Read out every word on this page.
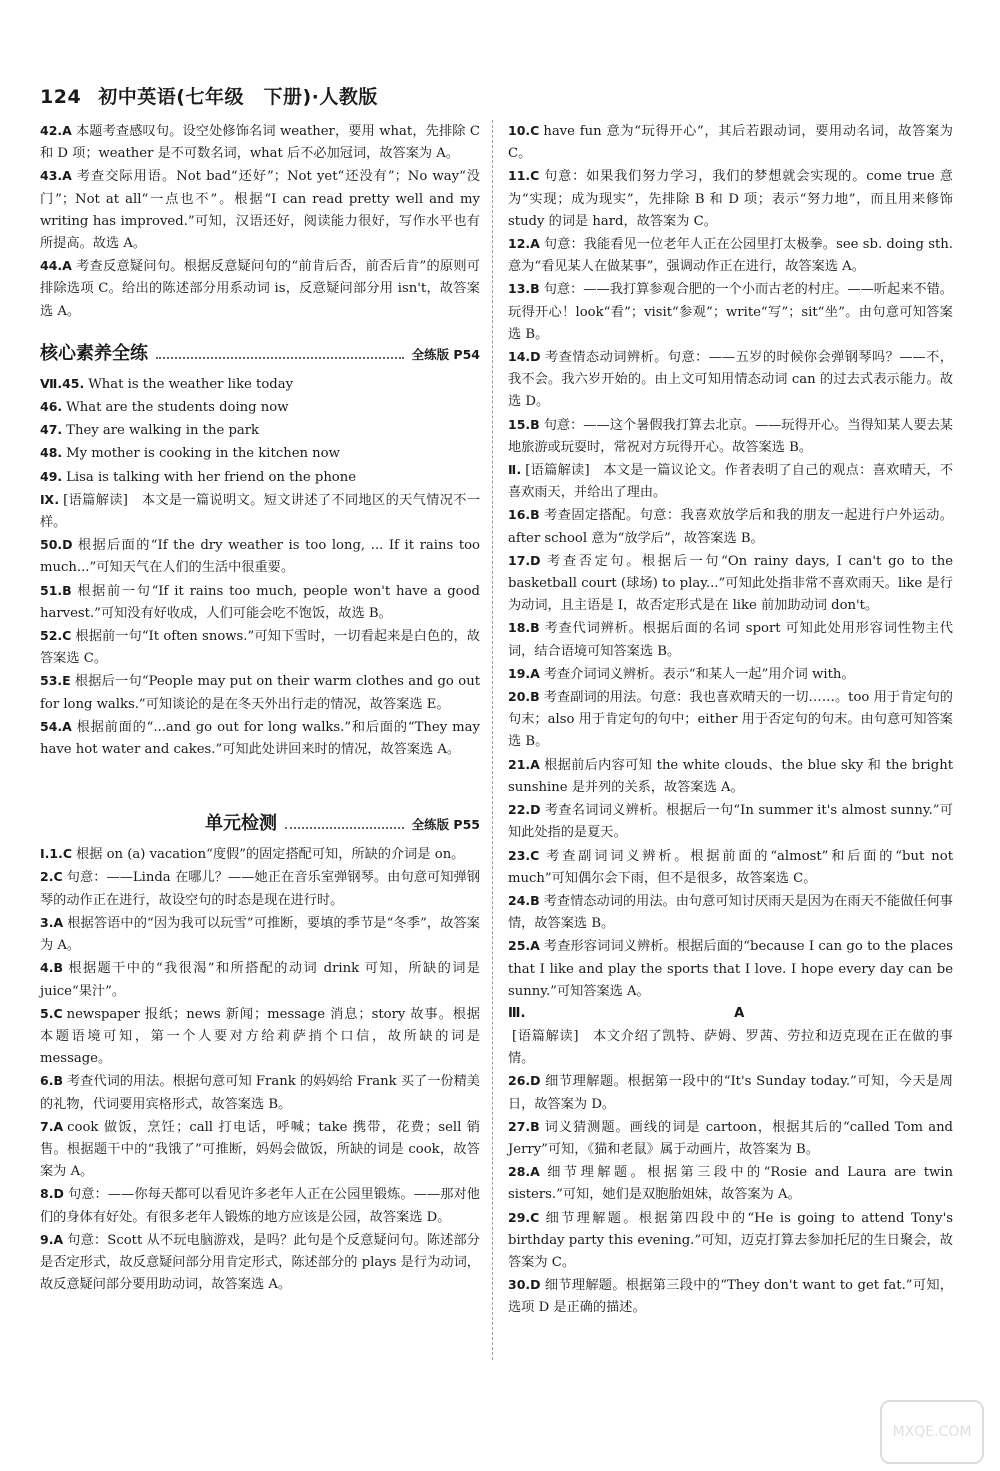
124 初中英语(七年级　下册)·人教版

42.A 本题考查感叹句。设空处修饰名词 weather，要用 what，先排除 C 和 D 项；weather 是不可数名词，what 后不必加冠词，故答案为 A。

43.A 考查交际用语。Not bad“还好”；Not yet“还没有”；No way“没门”；Not at all“一点也不”。根据“I can read pretty well and my writing has improved.”可知，汉语还好，阅读能力很好，写作水平也有所提高。故选 A。

44.A 考查反意疑问句。根据反意疑问句的“前肯后否，前否后肯”的原则可排除选项 C。给出的陈述部分用系动词 is，反意疑问部分用 isn't，故答案选 A。

核心素养全练	全练版 P54

Ⅶ.45. What is the weather like today

46. What are the students doing now

47. They are walking in the park

48. My mother is cooking in the kitchen now

49. Lisa is talking with her friend on the phone

Ⅸ. [语篇解读]　本文是一篇说明文。短文讲述了不同地区的天气情况不一样。

50.D 根据后面的“If the dry weather is too long, ... If it rains too much...”可知天气在人们的生活中很重要。

51.B 根据前一句“If it rains too much, people won't have a good harvest.”可知没有好收成，人们可能会吃不饱饭，故选 B。

52.C 根据前一句“It often snows.”可知下雪时，一切看起来是白色的，故答案选 C。

53.E 根据后一句“People may put on their warm clothes and go out for long walks.”可知谈论的是在冬天外出行走的情况，故答案选 E。

54.A 根据前面的“...and go out for long walks.”和后面的“They may have hot water and cakes.”可知此处讲回来时的情况，故答案选 A。

单元检测	全练版 P55

Ⅰ.1.C 根据 on (a) vacation“度假”的固定搭配可知，所缺的介词是 on。

2.C 句意：——Linda 在哪儿？——她正在音乐室弹钢琴。由句意可知弹钢琴的动作正在进行，故设空句的时态是现在进行时。

3.A 根据答语中的“因为我可以玩雪”可推断，要填的季节是“冬季”，故答案为 A。

4.B 根据题干中的“我很渴”和所搭配的动词 drink 可知，所缺的词是 juice“果汁”。

5.C newspaper 报纸；news 新闻；message 消息；story 故事。根据本题语境可知，第一个人要对方给莉萨捎个口信，故所缺的词是 message。

6.B 考查代词的用法。根据句意可知 Frank 的妈妈给 Frank 买了一份精美的礼物，代词要用宾格形式，故答案选 B。

7.A cook 做饭，烹饪；call 打电话，呼喊；take 携带，花费；sell 销售。根据题干中的“我饿了”可推断，妈妈会做饭，所缺的词是 cook，故答案为 A。

8.D 句意：——你每天都可以看见许多老年人正在公园里锻炼。——那对他们的身体有好处。有很多老年人锻炼的地方应该是公园，故答案选 D。

9.A 句意：Scott 从不玩电脑游戏，是吗？此句是个反意疑问句。陈述部分是否定形式，故反意疑问部分用肯定形式，陈述部分的 plays 是行为动词，故反意疑问部分要用助动词，故答案选 A。

10.C have fun 意为“玩得开心”，其后若跟动词，要用动名词，故答案为 C。

11.C 句意：如果我们努力学习，我们的梦想就会实现的。come true 意为“实现；成为现实”，先排除 B 和 D 项；表示“努力地”，而且用来修饰 study 的词是 hard，故答案为 C。

12.A 句意：我能看见一位老年人正在公园里打太极拳。see sb. doing sth. 意为“看见某人在做某事”，强调动作正在进行，故答案选 A。

13.B 句意：——我打算参观合肥的一个小而古老的村庄。——听起来不错。玩得开心！look“看”；visit“参观”；write“写”；sit“坐”。由句意可知答案选 B。

14.D 考查情态动词辨析。句意：——五岁的时候你会弹钢琴吗？——不，我不会。我六岁开始的。由上文可知用情态动词 can 的过去式表示能力。故选 D。

15.B 句意：——这个暑假我打算去北京。——玩得开心。当得知某人要去某地旅游或玩耍时，常祝对方玩得开心。故答案选 B。

Ⅱ. [语篇解读]　本文是一篇议论文。作者表明了自己的观点：喜欢晴天，不喜欢雨天，并给出了理由。

16.B 考查固定搭配。句意：我喜欢放学后和我的朋友一起进行户外运动。after school 意为“放学后”，故答案选 B。

17.D 考查否定句。根据后一句“On rainy days, I can't go to the basketball court (球场) to play...”可知此处指非常不喜欢雨天。like 是行为动词，且主语是 I，故否定形式是在 like 前加助动词 don't。

18.B 考查代词辨析。根据后面的名词 sport 可知此处用形容词性物主代词，结合语境可知答案选 B。

19.A 考查介词词义辨析。表示“和某人一起”用介词 with。

20.B 考查副词的用法。句意：我也喜欢晴天的一切……。too 用于肯定句的句末；also 用于肯定句的句中；either 用于否定句的句末。由句意可知答案选 B。

21.A 根据前后内容可知 the white clouds、the blue sky 和 the bright sunshine 是并列的关系，故答案选 A。

22.D 考查名词词义辨析。根据后一句“In summer it's almost sunny.”可知此处指的是夏天。

23.C 考查副词词义辨析。根据前面的“almost”和后面的“but not much”可知偶尔会下雨，但不是很多，故答案选 C。

24.B 考查情态动词的用法。由句意可知讨厌雨天是因为在雨天不能做任何事情，故答案选 B。

25.A 考查形容词词义辨析。根据后面的“because I can go to the places that I like and play the sports that I love. I hope every day can be sunny.”可知答案选 A。

Ⅲ.	A

[语篇解读]　本文介绍了凯特、萨姆、罗茜、劳拉和迈克现在正在做的事情。

26.D 细节理解题。根据第一段中的“It's Sunday today.”可知，今天是周日，故答案为 D。

27.B 词义猜测题。画线的词是 cartoon，根据其后的“called Tom and Jerry”可知，《猫和老鼠》属于动画片，故答案为 B。

28.A 细节理解题。根据第三段中的“Rosie and Laura are twin sisters.”可知，她们是双胞胎姐妹，故答案为 A。

29.C 细节理解题。根据第四段中的“He is going to attend Tony's birthday party this evening.”可知，迈克打算去参加托尼的生日聚会，故答案为 C。

30.D 细节理解题。根据第三段中的“They don't want to get fat.”可知，选项 D 是正确的描述。

MXQE.COM
